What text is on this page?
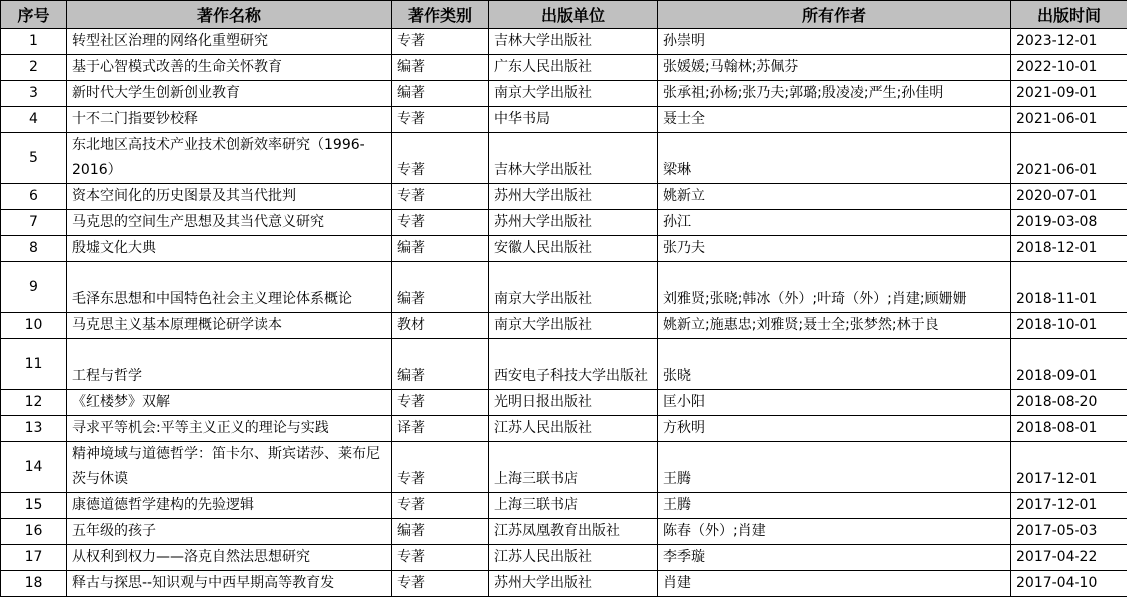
序号	著作名称	著作类别	出版单位	所有作者	出版时间
1	转型社区治理的网络化重塑研究	专著	吉林大学出版社	孙崇明	2023-12-01
2	基于心智模式改善的生命关怀教育	编著	广东人民出版社	张媛媛;马翰林;苏佩芬	2022-10-01
3	新时代大学生创新创业教育	编著	南京大学出版社	张承祖;孙杨;张乃夫;郭璐;殷凌凌;严生;孙佳明	2021-09-01
4	十不二门指要钞校释	专著	中华书局	聂士全	2021-06-01
5	东北地区高技术产业技术创新效率研究（1996-2016）	专著	吉林大学出版社	梁琳	2021-06-01
6	资本空间化的历史图景及其当代批判	专著	苏州大学出版社	姚新立	2020-07-01
7	马克思的空间生产思想及其当代意义研究	专著	苏州大学出版社	孙江	2019-03-08
8	殷墟文化大典	编著	安徽人民出版社	张乃夫	2018-12-01
9	毛泽东思想和中国特色社会主义理论体系概论	编著	南京大学出版社	刘雅贤;张晓;韩冰（外）;叶琦（外）;肖建;顾姗姗	2018-11-01
10	马克思主义基本原理概论研学读本	教材	南京大学出版社	姚新立;施惠忠;刘雅贤;聂士全;张梦然;林于良	2018-10-01
11	工程与哲学	编著	西安电子科技大学出版社	张晓	2018-09-01
12	《红楼梦》双解	专著	光明日报出版社	匡小阳	2018-08-20
13	寻求平等机会:平等主义正义的理论与实践	译著	江苏人民出版社	方秋明	2018-08-01
14	精神境域与道德哲学：笛卡尔、斯宾诺莎、莱布尼茨与休谟	专著	上海三联书店	王腾	2017-12-01
15	康德道德哲学建构的先验逻辑	专著	上海三联书店	王腾	2017-12-01
16	五年级的孩子	编著	江苏凤凰教育出版社	陈春（外）;肖建	2017-05-03
17	从权利到权力——洛克自然法思想研究	专著	江苏人民出版社	李季璇	2017-04-22
18	释古与探思--知识观与中西早期高等教育发	专著	苏州大学出版社	肖建	2017-04-10
